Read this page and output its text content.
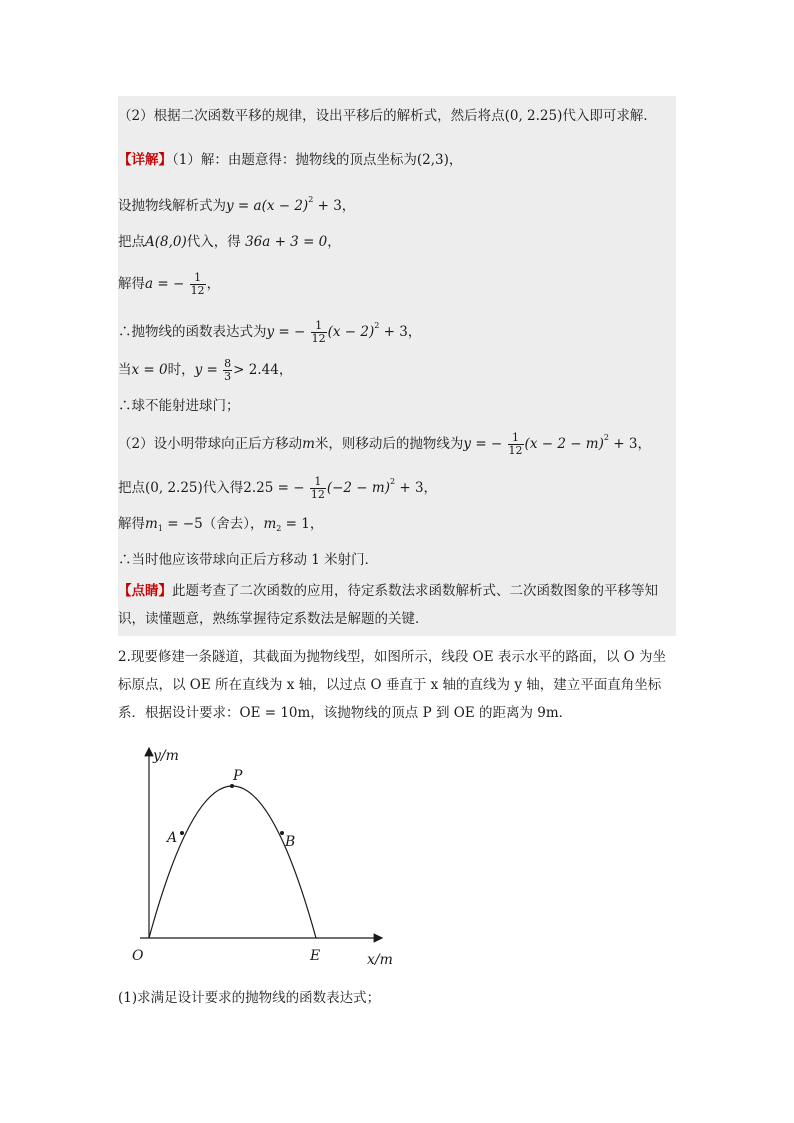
（2）根据二次函数平移的规律，设出平移后的解析式，然后将点(0, 2.25)代入即可求解．
【详解】（1）解：由题意得：抛物线的顶点坐标为(2,3)，
设抛物线解析式为$y = a(x - 2)^2 + 3$，
把点A(8,0)代入，得 36a + 3 = 0，
解得a = − $\frac{1}{12}$ ，
∴抛物线的函数表达式为y = − $\frac{1}{12} (x - 2)^2 + 3$，
当x = 0时，$y = \frac{8}{3} > 2.44$，
∴球不能射进球门；
（2）设小明带球向正后方移动m米，则移动后的抛物线为y = − $\frac{1}{12} (x - 2 - m)^2 + 3$，
把点(0, 2.25)代入得2.25 = − $\frac{1}{12} (-2 - m)^2 + 3$，
解得$m_1 = -5$（舍去），$m_2 = 1$，
∴当时他应该带球向正后方移动 1 米射门．
【点睛】此题考查了二次函数的应用，待定系数法求函数解析式、二次函数图象的平移等知识，读懂题意，熟练掌握待定系数法是解题的关键．
2.现要修建一条隧道，其截面为抛物线型，如图所示，线段 OE 表示水平的路面，以 O 为坐标原点，以 OE 所在直线为 x 轴，以过点 O 垂直于 x 轴的直线为 y 轴，建立平面直角坐标系．根据设计要求：OE = 10m，该抛物线的顶点 P 到 OE 的距离为 9m．
y/m
x/m
O	E
P
A	B
(1)求满足设计要求的抛物线的函数表达式；
